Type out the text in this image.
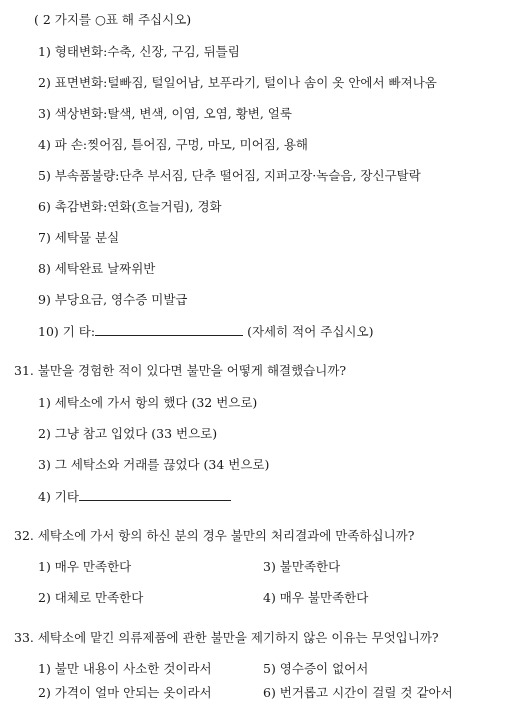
( 2 가지를 ○표 해 주십시오)
1) 형태변화:수축, 신장, 구김, 뒤틀림
2) 표면변화:털빠짐, 털일어남, 보푸라기, 털이나 솜이 옷 안에서 빠져나옴
3) 색상변화:탈색, 변색, 이염, 오염, 황변, 얼룩
4) 파 손:찢어짐, 튿어짐, 구멍, 마모, 미어짐, 용해
5) 부속품불량:단추 부서짐, 단추 떨어짐, 지퍼고장·녹슬음, 장신구탈락
6) 촉감변화:연화(흐늘거림), 경화
7) 세탁물 분실
8) 세탁완료 날짜위반
9) 부당요금, 영수증 미발급
10) 기 타:	(자세히 적어 주십시오)
31. 불만을 경험한 적이 있다면 불만을 어떻게 해결했습니까?
1) 세탁소에 가서 항의 했다 (32 번으로)
2) 그냥 참고 입었다 (33 번으로)
3) 그 세탁소와 거래를 끊었다 (34 번으로)
4) 기타
32. 세탁소에 가서 항의 하신 분의 경우 불만의 처리결과에 만족하십니까?
1) 매우 만족한다	3) 불만족한다
2) 대체로 만족한다	4) 매우 불만족한다
33. 세탁소에 맡긴 의류제품에 관한 불만을 제기하지 않은 이유는 무엇입니까?
1) 불만 내용이 사소한 것이라서	5) 영수증이 없어서
2) 가격이 얼마 안되는 옷이라서	6) 번거롭고 시간이 걸릴 것 같아서
